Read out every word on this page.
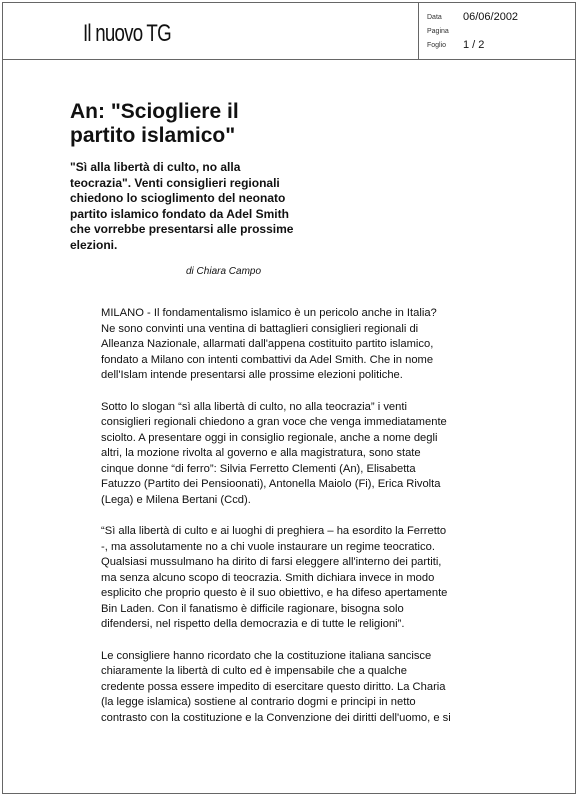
Il nuovo TG
Data 06/06/2002
Pagina
Foglio 1 / 2
An: "Sciogliere il
partito islamico"
"Sì alla libertà di culto, no alla teocrazia". Venti consiglieri regionali chiedono lo scioglimento del neonato partito islamico fondato da Adel Smith che vorrebbe presentarsi alle prossime elezioni.
di Chiara Campo

MILANO - Il fondamentalismo islamico è un pericolo anche in Italia? Ne sono convinti una ventina di battaglieri consiglieri regionali di Alleanza Nazionale, allarmati dall'appena costituito partito islamico, fondato a Milano con intenti combattivi da Adel Smith. Che in nome dell'Islam intende presentarsi alle prossime elezioni politiche.

Sotto lo slogan “sì alla libertà di culto, no alla teocrazia” i venti consiglieri regionali chiedono a gran voce che venga immediatamente sciolto. A presentare oggi in consiglio regionale, anche a nome degli altri, la mozione rivolta al governo e alla magistratura, sono state cinque donne “di ferro”: Silvia Ferretto Clementi (An), Elisabetta Fatuzzo (Partito dei Pensioonati), Antonella Maiolo (Fi), Erica Rivolta (Lega) e Milena Bertani (Ccd).

“Sì alla libertà di culto e ai luoghi di preghiera – ha esordito la Ferretto -, ma assolutamente no a chi vuole instaurare un regime teocratico. Qualsiasi mussulmano ha dirito di farsi eleggere all'interno dei partiti, ma senza alcuno scopo di teocrazia. Smith dichiara invece in modo esplicito che proprio questo è il suo obiettivo, e ha difeso apertamente Bin Laden. Con il fanatismo è difficile ragionare, bisogna solo difendersi, nel rispetto della democrazia e di tutte le religioni”.

Le consigliere hanno ricordato che la costituzione italiana sancisce chiaramente la libertà di culto ed è impensabile che a qualche credente possa essere impedito di esercitare questo diritto. La Charia (la legge islamica) sostiene al contrario dogmi e principi in netto contrasto con la costituzione e la Convenzione dei diritti dell'uomo, e si
